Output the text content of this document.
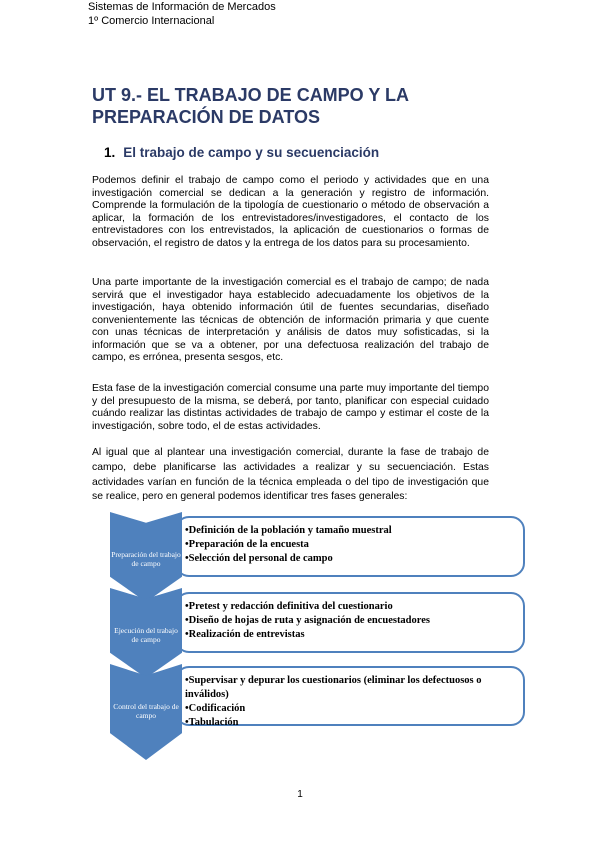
Sistemas de Información de Mercados
1º Comercio Internacional
UT 9.- EL TRABAJO DE CAMPO Y LA
PREPARACIÓN DE DATOS
1. El trabajo de campo y su secuenciación

Podemos definir el trabajo de campo como el periodo y actividades que en una investigación comercial se dedican a la generación y registro de información. Comprende la formulación de la tipología de cuestionario o método de observación a aplicar, la formación de los entrevistadores/investigadores, el contacto de los entrevistadores con los entrevistados, la aplicación de cuestionarios o formas de observación, el registro de datos y la entrega de los datos para su procesamiento.

Una parte importante de la investigación comercial es el trabajo de campo; de nada servirá que el investigador haya establecido adecuadamente los objetivos de la investigación, haya obtenido información útil de fuentes secundarias, diseñado convenientemente las técnicas de obtención de información primaria y que cuente con unas técnicas de interpretación y análisis de datos muy sofisticadas, si la información que se va a obtener, por una defectuosa realización del trabajo de campo, es errónea, presenta sesgos, etc.

Esta fase de la investigación comercial consume una parte muy importante del tiempo y del presupuesto de la misma, se deberá, por tanto, planificar con especial cuidado cuándo realizar las distintas actividades de trabajo de campo y estimar el coste de la investigación, sobre todo, el de estas actividades.

Al igual que al plantear una investigación comercial, durante la fase de trabajo de campo, debe planificarse las actividades a realizar y su secuenciación. Estas actividades varían en función de la técnica empleada o del tipo de investigación que se realice, pero en general podemos identificar tres fases generales:

•Definición de la población y tamaño muestral
•Preparación de la encuesta
•Selección del personal de campo
•Pretest y redacción definitiva del cuestionario
•Diseño de hojas de ruta y asignación de encuestadores
•Realización de entrevistas
•Supervisar y depurar los cuestionarios (eliminar los defectuosos o inválidos)
•Codificación
•Tabulación
Preparación del trabajo de campo
Ejecución del trabajo de campo
Control del trabajo de campo
1
